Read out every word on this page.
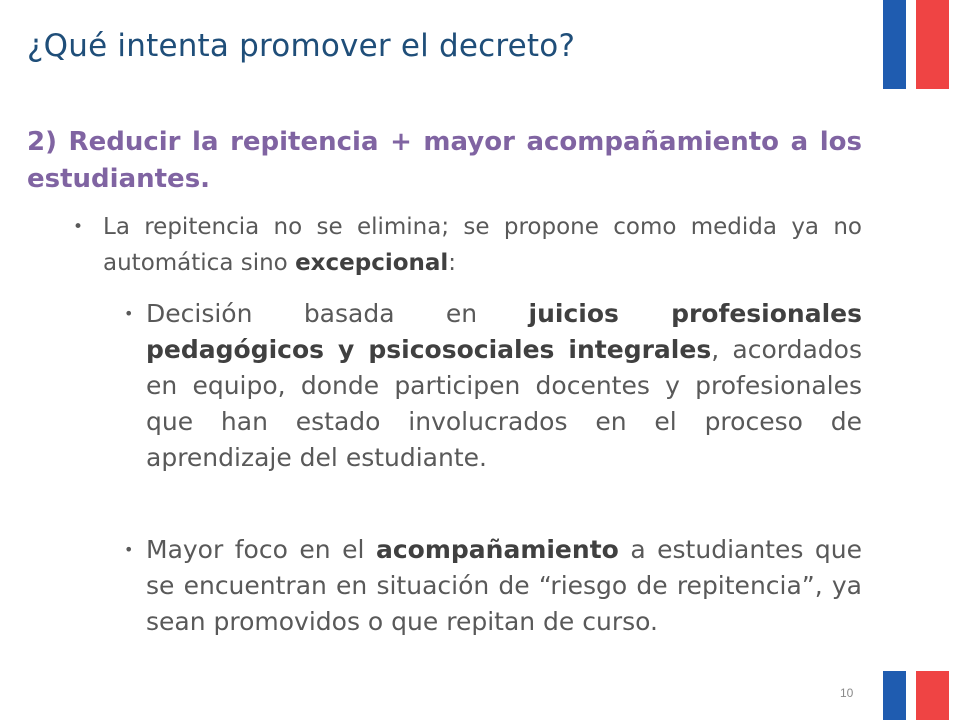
¿Qué intenta promover el decreto?
2) Reducir la repitencia + mayor acompañamiento a los estudiantes.
• La repitencia no se elimina; se propone como medida ya no automática sino excepcional:
• Decisión basada en juicios profesionales pedagógicos y psicosociales integrales, acordados en equipo, donde participen docentes y profesionales que han estado involucrados en el proceso de aprendizaje del estudiante.
• Mayor foco en el acompañamiento a estudiantes que se encuentran en situación de “riesgo de repitencia”, ya sean promovidos o que repitan de curso.
10
